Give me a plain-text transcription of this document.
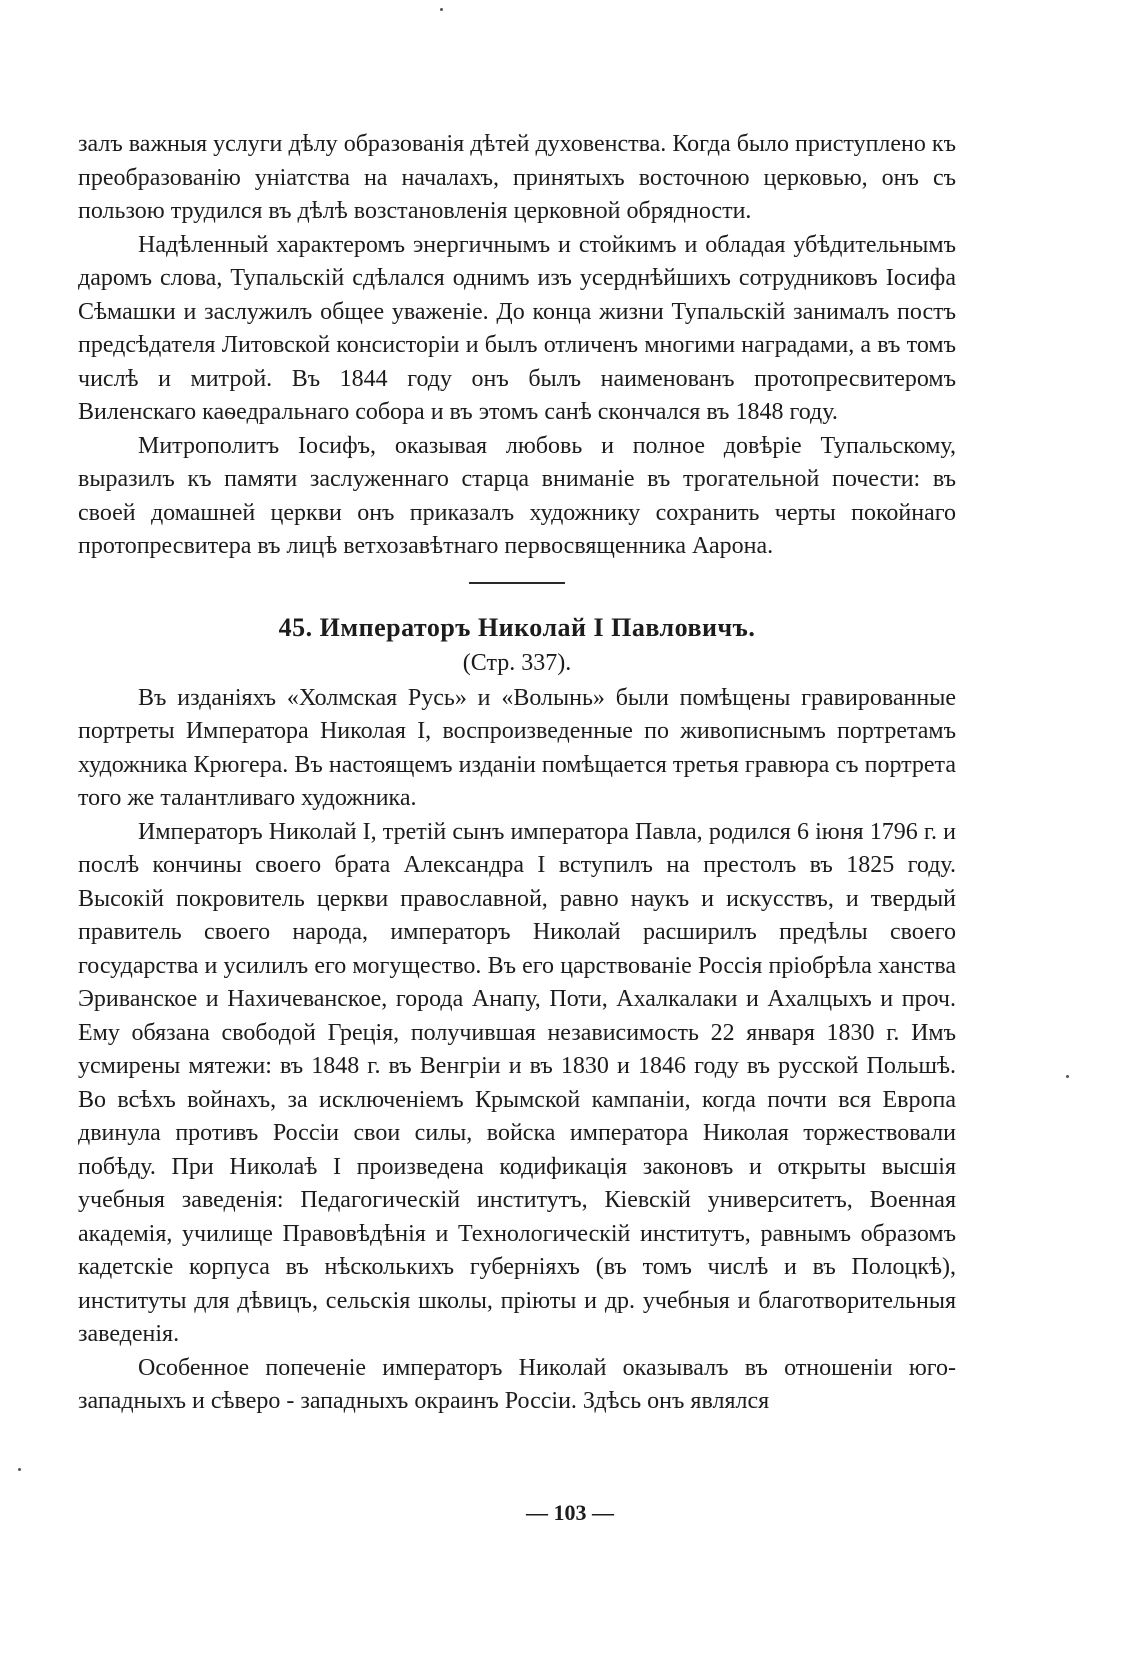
залъ важныя услуги дѣлу образованія дѣтей духовенства. Когда было приступлено къ преобразованію уніатства на началахъ, принятыхъ восточною церковью, онъ съ пользою трудился въ дѣлѣ возстановленія церковной обрядности.

Надѣленный характеромъ энергичнымъ и стойкимъ и обладая убѣдительнымъ даромъ слова, Тупальскій сдѣлался однимъ изъ усерднѣйшихъ сотрудниковъ Іосифа Сѣмашки и заслужилъ общее уваженіе. До конца жизни Тупальскій занималъ постъ предсѣдателя Литовской консисторіи и былъ отличенъ многими наградами, а въ томъ числѣ и митрой. Въ 1844 году онъ былъ наименованъ протопресвитеромъ Виленскаго каѳедральнаго собора и въ этомъ санѣ скончался въ 1848 году.

Митрополитъ Іосифъ, оказывая любовь и полное довѣріе Тупальскому, выразилъ къ памяти заслуженнаго старца вниманіе въ трогательной почести: въ своей домашней церкви онъ приказалъ художнику сохранить черты покойнаго протопресвитера въ лицѣ ветхозавѣтнаго первосвященника Аарона.

45. Императоръ Николай I Павловичъ.
(Стр. 337).

Въ изданіяхъ «Холмская Русь» и «Волынь» были помѣщены гравированные портреты Императора Николая I, воспроизведенные по живописнымъ портретамъ художника Крюгера. Въ настоящемъ изданіи помѣщается третья гравюра съ портрета того же талантливаго художника.

Императоръ Николай I, третій сынъ императора Павла, родился 6 іюня 1796 г. и послѣ кончины своего брата Александра I вступилъ на престолъ въ 1825 году. Высокій покровитель церкви православной, равно наукъ и искусствъ, и твердый правитель своего народа, императоръ Николай расширилъ предѣлы своего государства и усилилъ его могущество. Въ его царствованіе Россія пріобрѣла ханства Эриванское и Нахичеванское, города Анапу, Поти, Ахалкалаки и Ахалцыхъ и проч. Ему обязана свободой Греція, получившая независимость 22 января 1830 г. Имъ усмирены мятежи: въ 1848 г. въ Венгріи и въ 1830 и 1846 году въ русской Польшѣ. Во всѣхъ войнахъ, за исключеніемъ Крымской кампаніи, когда почти вся Европа двинула противъ Россіи свои силы, войска императора Николая торжествовали побѣду. При Николаѣ I произведена кодификація законовъ и открыты высшія учебныя заведенія: Педагогическій институтъ, Кіевскій университетъ, Военная академія, училище Правовѣдѣнія и Технологическій институтъ, равнымъ образомъ кадетскіе корпуса въ нѣсколькихъ губерніяхъ (въ томъ числѣ и въ Полоцкѣ), институты для дѣвицъ, сельскія школы, пріюты и др. учебныя и благотворительныя заведенія.

Особенное попеченіе императоръ Николай оказывалъ въ отношеніи юго-западныхъ и сѣверо - западныхъ окраинъ Россіи. Здѣсь онъ являлся

— 103 —
